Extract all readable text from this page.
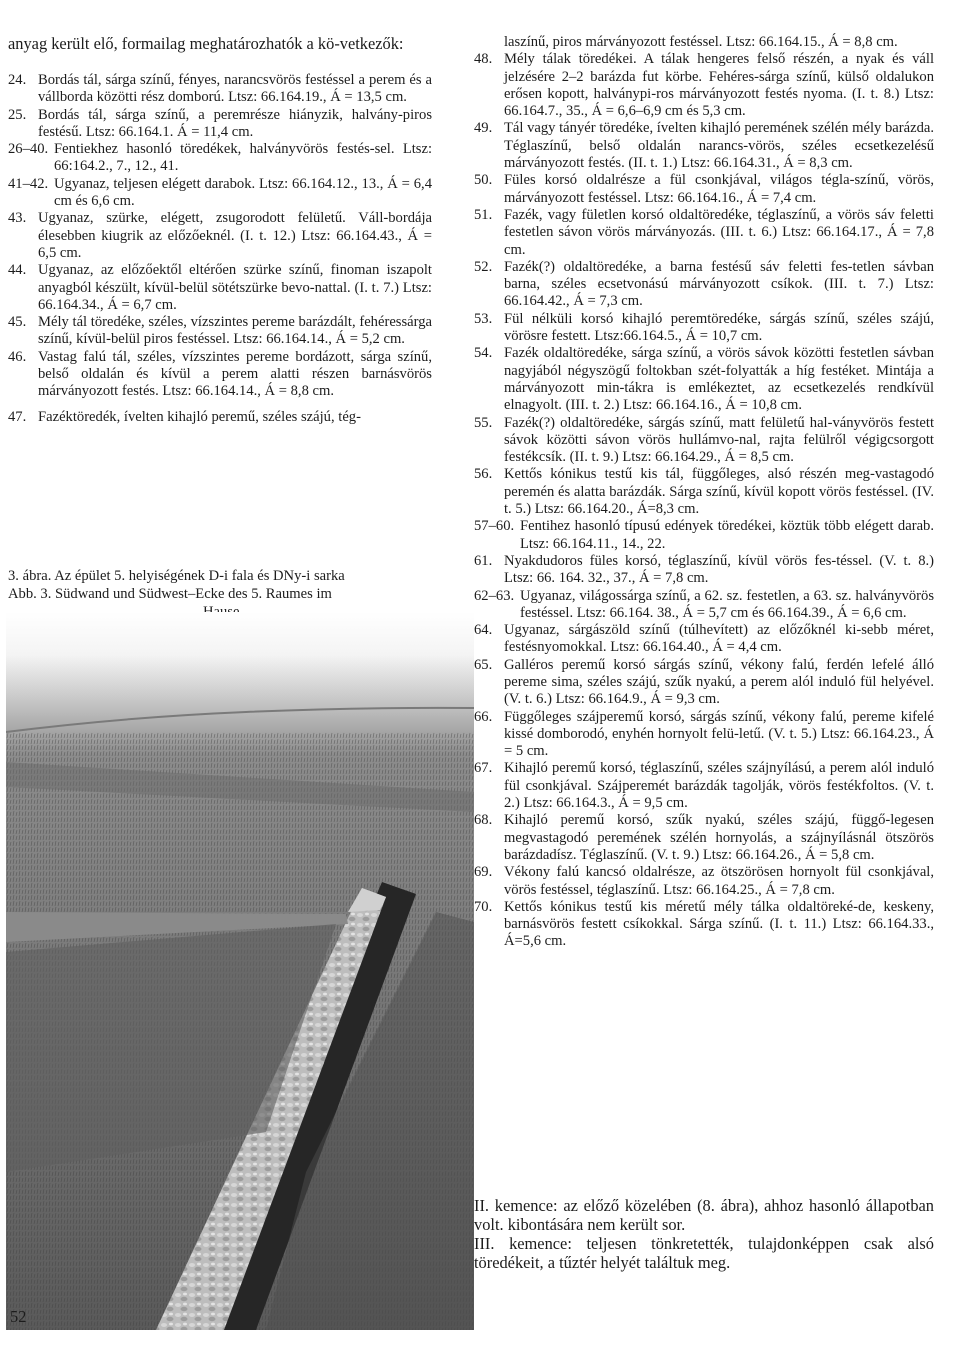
anyag került elő, formailag meghatározhatók a kö-vetkezők:

24. Bordás tál, sárga színű, fényes, narancsvörös festéssel a perem és a vállborda közötti rész domború. Ltsz: 66.164.19., Á = 13,5 cm.

25. Bordás tál, sárga színű, a peremrésze hiányzik, halvány-piros festésű. Ltsz: 66.164.1. Á = 11,4 cm.

26–40. Fentiekhez hasonló töredékek, halványvörös festés-sel. Ltsz: 66:164.2., 7., 12., 41.

41–42. Ugyanaz, teljesen elégett darabok. Ltsz: 66.164.12., 13., Á = 6,4 cm és 6,6 cm.

43. Ugyanaz, szürke, elégett, zsugorodott felületű. Váll-bordája élesebben kiugrik az előzőeknél. (I. t. 12.) Ltsz: 66.164.43., Á = 6,5 cm.

44. Ugyanaz, az előzőektől eltérően szürke színű, finoman iszapolt anyagból készült, kívül-belül sötétszürke bevo-nattal. (I. t. 7.) Ltsz: 66.164.34., Á = 6,7 cm.

45. Mély tál töredéke, széles, vízszintes pereme barázdált, fehéressárga színű, kívül-belül piros festéssel. Ltsz: 66.164.14., Á = 5,2 cm.

46. Vastag falú tál, széles, vízszintes pereme bordázott, sárga színű, belső oldalán és kívül a perem alatti részen barnásvörös márványozott festés. Ltsz: 66.164.14., Á = 8,8 cm.

47. Fazéktöredék, ívelten kihajló peremű, széles szájú, tég-

3. ábra. Az épület 5. helyiségének D-i fala és DNy-i sarka
Abb. 3. Südwand und Südwest–Ecke des 5. Raumes im

laszínű, piros márványozott festéssel. Ltsz: 66.164.15., Á = 8,8 cm.

48. Mély tálak töredékei. A tálak hengeres felső részén, a nyak és váll jelzésére 2–2 barázda fut körbe. Fehéres-sárga színű, külső oldalukon erősen kopott, halványpi-ros márványozott festés nyoma. (I. t. 8.) Ltsz: 66.164.7., 35., Á = 6,6–6,9 cm és 5,3 cm.

49. Tál vagy tányér töredéke, ívelten kihajló peremének szélén mély barázda. Téglaszínű, belső oldalán narancs-vörös, széles ecsetkezelésű márványozott festés. (II. t. 1.) Ltsz: 66.164.31., Á = 8,3 cm.

50. Füles korsó oldalrésze a fül csonkjával, világos tégla-színű, vörös, márványozott festéssel. Ltsz: 66.164.16., Á = 7,4 cm.

51. Fazék, vagy fületlen korsó oldaltöredéke, téglaszínű, a vörös sáv feletti festetlen sávon vörös márványozás. (III. t. 6.) Ltsz: 66.164.17., Á = 7,8 cm.

52. Fazék(?) oldaltöredéke, a barna festésű sáv feletti fes-tetlen sávban barna, széles ecsetvonású márványozott csíkok. (III. t. 7.) Ltsz: 66.164.42., Á = 7,3 cm.

53. Fül nélküli korsó kihajló peremtöredéke, sárgás színű, széles szájú, vörösre festett. Ltsz:66.164.5., Á = 10,7 cm.

54. Fazék oldaltöredéke, sárga színű, a vörös sávok közötti festetlen sávban nagyjából négyszögű foltokban szét-folyatták a híg festéket. Mintája a márványozott min-tákra is emlékeztet, az ecsetkezelés rendkívül elnagyolt. (III. t. 2.) Ltsz: 66.164.16., Á = 10,8 cm.

55. Fazék(?) oldaltöredéke, sárgás színű, matt felületű hal-ványvörös festett sávok közötti sávon vörös hullámvo-nal, rajta felülről végigcsorgott festékcsík. (II. t. 9.) Ltsz: 66.164.29., Á = 8,5 cm.

56. Kettős kónikus testű kis tál, függőleges, alsó részén meg-vastagodó peremén és alatta barázdák. Sárga színű, kívül kopott vörös festéssel. (IV. t. 5.) Ltsz: 66.164.20., Á=8,3 cm.

57–60. Fentihez hasonló típusú edények töredékei, köztük több elégett darab. Ltsz: 66.164.11., 14., 22.

61. Nyakdudoros füles korsó, téglaszínű, kívül vörös fes-téssel. (V. t. 8.) Ltsz: 66. 164. 32., 37., Á = 7,8 cm.

62–63. Ugyanaz, világossárga színű, a 62. sz. festetlen, a 63. sz. halványvörös festéssel. Ltsz: 66.164. 38., Á = 5,7 cm és 66.164.39., Á = 6,6 cm.

64. Ugyanaz, sárgászöld színű (túlhevített) az előzőknél ki-sebb méret, festésnyomokkal. Ltsz: 66.164.40., Á = 4,4 cm.

65. Galléros peremű korsó sárgás színű, vékony falú, ferdén lefelé álló pereme sima, széles szájú, szűk nyakú, a perem alól induló fül helyével. (V. t. 6.) Ltsz: 66.164.9., Á = 9,3 cm.

66. Függőleges szájperemű korsó, sárgás színű, vékony falú, pereme kifelé kissé domborodó, enyhén hornyolt felü-letű. (V. t. 5.) Ltsz: 66.164.23., Á = 5 cm.

67. Kihajló peremű korsó, téglaszínű, széles szájnyílású, a perem alól induló fül csonkjával. Szájperemét barázdák tagolják, vörös festékfoltos. (V. t. 2.) Ltsz: 66.164.3., Á = 9,5 cm.

68. Kihajló peremű korsó, szűk nyakú, széles szájú, függő-legesen megvastagodó peremének szélén hornyolás, a szájnyílásnál ötszörös barázdadísz. Téglaszínű. (V. t. 9.) Ltsz: 66.164.26., Á = 5,8 cm.

69. Vékony falú kancsó oldalrésze, az ötszörösen hornyolt fül csonkjával, vörös festéssel, téglaszínű. Ltsz: 66.164.25., Á = 7,8 cm.

70. Kettős kónikus testű kis méretű mély tálka oldaltöreké-de, keskeny, barnásvörös festett csíkokkal. Sárga színű. (I. t. 11.) Ltsz: 66.164.33., Á=5,6 cm.

II. kemence: az előző közelében (8. ábra), ahhoz hasonló állapotban volt. kibontására nem került sor.

III. kemence: teljesen tönkretették, tulajdonképpen csak alsó töredékeit, a tűztér helyét találtuk meg.

52
